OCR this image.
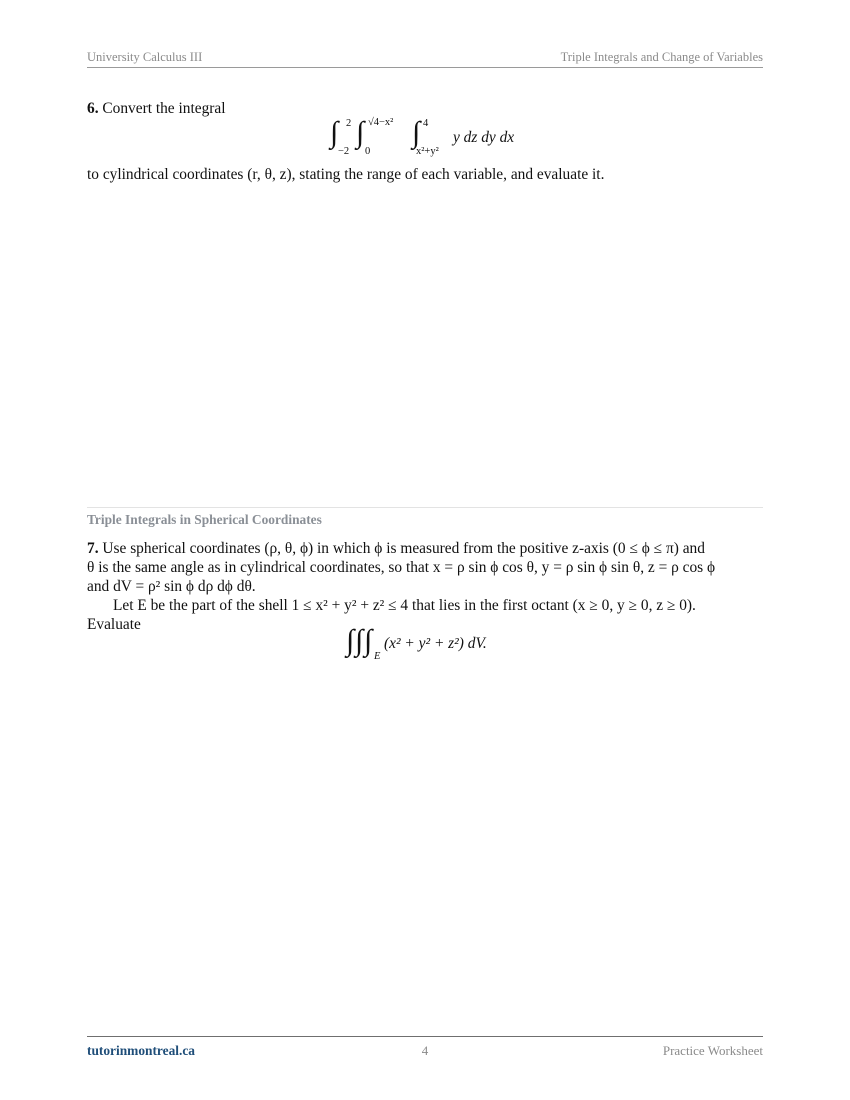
University Calculus III	Triple Integrals and Change of Variables
6. Convert the integral
∫ 2
−2
∫ √4−x²
0
∫ 4
x²+y²
y dz dy dx
to cylindrical coordinates (r, θ, z), stating the range of each variable, and evaluate it.
Triple Integrals in Spherical Coordinates
7. Use spherical coordinates (ρ, θ, ϕ) in which ϕ is measured from the positive z-axis (0 ≤ ϕ ≤ π) and
θ is the same angle as in cylindrical coordinates, so that x = ρ sin ϕ cos θ, y = ρ sin ϕ sin θ, z = ρ cos ϕ
and dV = ρ² sin ϕ dρ dϕ dθ.
Let E be the part of the shell 1 ≤ x² + y² + z² ≤ 4 that lies in the first octant (x ≥ 0, y ≥ 0, z ≥ 0).
Evaluate	∫ ∫ ∫ E
(x² + y² + z²) dV.
tutorinmontreal.ca	4	Practice Worksheet
